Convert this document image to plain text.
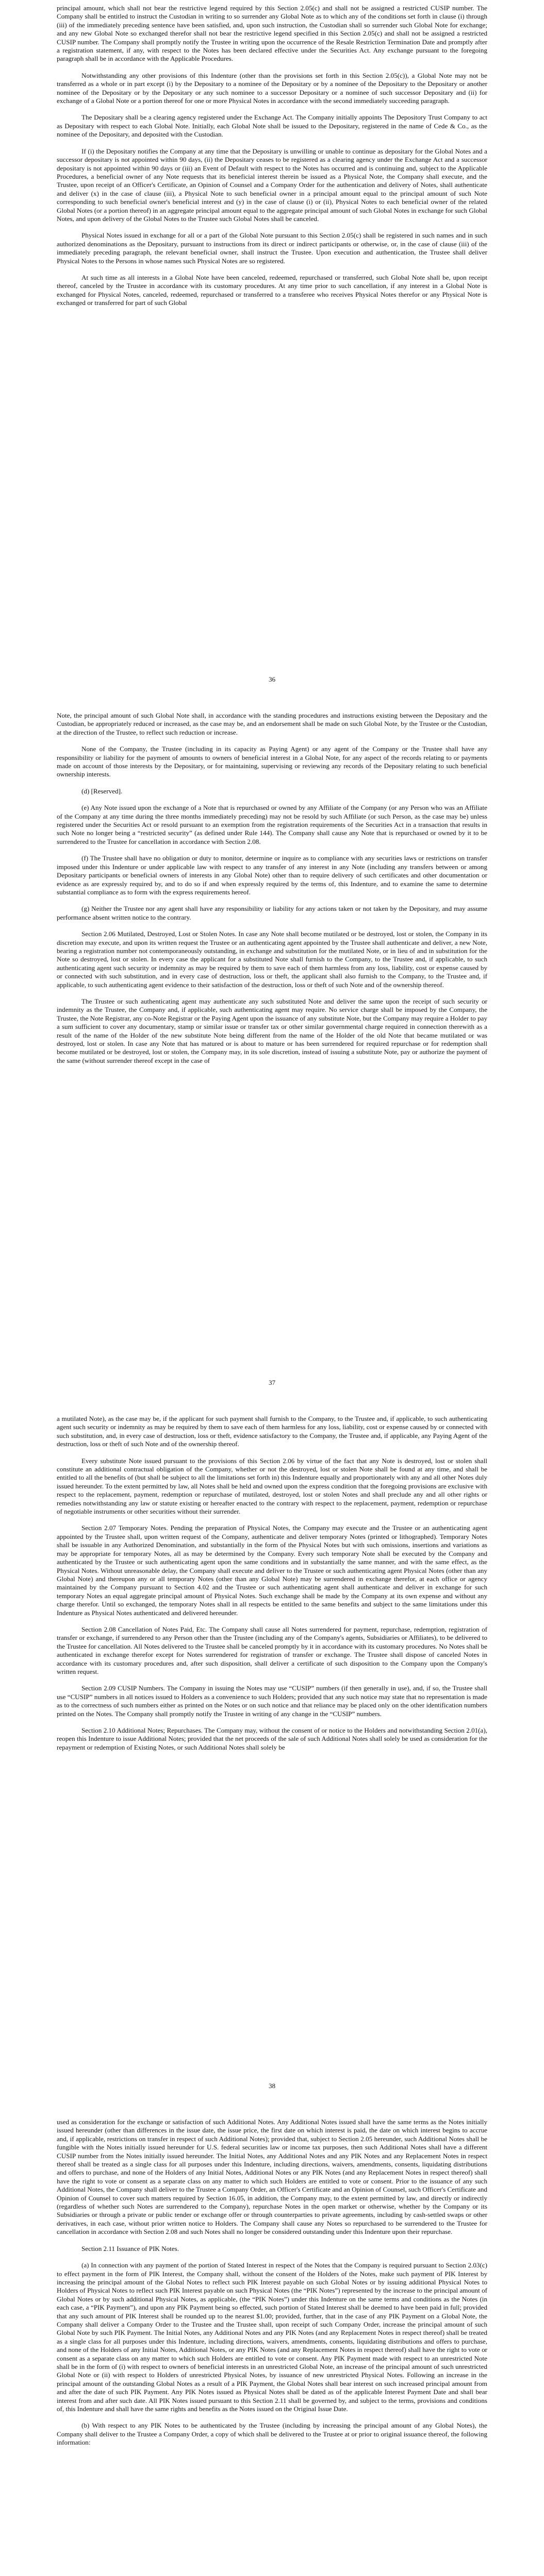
principal amount, which shall not bear the restrictive legend required by this Section 2.05(c) and shall not be assigned a restricted CUSIP number. The Company shall be entitled to instruct the Custodian in writing to so surrender any Global Note as to which any of the conditions set forth in clause (i) through (iii) of the immediately preceding sentence have been satisfied, and, upon such instruction, the Custodian shall so surrender such Global Note for exchange; and any new Global Note so exchanged therefor shall not bear the restrictive legend specified in this Section 2.05(c) and shall not be assigned a restricted CUSIP number. The Company shall promptly notify the Trustee in writing upon the occurrence of the Resale Restriction Termination Date and promptly after a registration statement, if any, with respect to the Notes has been declared effective under the Securities Act. Any exchange pursuant to the foregoing paragraph shall be in accordance with the Applicable Procedures.

Notwithstanding any other provisions of this Indenture (other than the provisions set forth in this Section 2.05(c)), a Global Note may not be transferred as a whole or in part except (i) by the Depositary to a nominee of the Depositary or by a nominee of the Depositary to the Depositary or another nominee of the Depositary or by the Depositary or any such nominee to a successor Depositary or a nominee of such successor Depositary and (ii) for exchange of a Global Note or a portion thereof for one or more Physical Notes in accordance with the second immediately succeeding paragraph.

The Depositary shall be a clearing agency registered under the Exchange Act. The Company initially appoints The Depository Trust Company to act as Depositary with respect to each Global Note. Initially, each Global Note shall be issued to the Depositary, registered in the name of Cede & Co., as the nominee of the Depositary, and deposited with the Custodian.

If (i) the Depositary notifies the Company at any time that the Depositary is unwilling or unable to continue as depositary for the Global Notes and a successor depositary is not appointed within 90 days, (ii) the Depositary ceases to be registered as a clearing agency under the Exchange Act and a successor depositary is not appointed within 90 days or (iii) an Event of Default with respect to the Notes has occurred and is continuing and, subject to the Applicable Procedures, a beneficial owner of any Note requests that its beneficial interest therein be issued as a Physical Note, the Company shall execute, and the Trustee, upon receipt of an Officer's Certificate, an Opinion of Counsel and a Company Order for the authentication and delivery of Notes, shall authenticate and deliver (x) in the case of clause (iii), a Physical Note to such beneficial owner in a principal amount equal to the principal amount of such Note corresponding to such beneficial owner's beneficial interest and (y) in the case of clause (i) or (ii), Physical Notes to each beneficial owner of the related Global Notes (or a portion thereof) in an aggregate principal amount equal to the aggregate principal amount of such Global Notes in exchange for such Global Notes, and upon delivery of the Global Notes to the Trustee such Global Notes shall be canceled.

Physical Notes issued in exchange for all or a part of the Global Note pursuant to this Section 2.05(c) shall be registered in such names and in such authorized denominations as the Depositary, pursuant to instructions from its direct or indirect participants or otherwise, or, in the case of clause (iii) of the immediately preceding paragraph, the relevant beneficial owner, shall instruct the Trustee. Upon execution and authentication, the Trustee shall deliver Physical Notes to the Persons in whose names such Physical Notes are so registered.

At such time as all interests in a Global Note have been canceled, redeemed, repurchased or transferred, such Global Note shall be, upon receipt thereof, canceled by the Trustee in accordance with its customary procedures. At any time prior to such cancellation, if any interest in a Global Note is exchanged for Physical Notes, canceled, redeemed, repurchased or transferred to a transferee who receives Physical Notes therefor or any Physical Note is exchanged or transferred for part of such Global

36

Note, the principal amount of such Global Note shall, in accordance with the standing procedures and instructions existing between the Depositary and the Custodian, be appropriately reduced or increased, as the case may be, and an endorsement shall be made on such Global Note, by the Trustee or the Custodian, at the direction of the Trustee, to reflect such reduction or increase.

None of the Company, the Trustee (including in its capacity as Paying Agent) or any agent of the Company or the Trustee shall have any responsibility or liability for the payment of amounts to owners of beneficial interest in a Global Note, for any aspect of the records relating to or payments made on account of those interests by the Depositary, or for maintaining, supervising or reviewing any records of the Depositary relating to such beneficial ownership interests.

(d) [Reserved].

(e) Any Note issued upon the exchange of a Note that is repurchased or owned by any Affiliate of the Company (or any Person who was an Affiliate of the Company at any time during the three months immediately preceding) may not be resold by such Affiliate (or such Person, as the case may be) unless registered under the Securities Act or resold pursuant to an exemption from the registration requirements of the Securities Act in a transaction that results in such Note no longer being a “restricted security” (as defined under Rule 144). The Company shall cause any Note that is repurchased or owned by it to be surrendered to the Trustee for cancellation in accordance with Section 2.08.

(f) The Trustee shall have no obligation or duty to monitor, determine or inquire as to compliance with any securities laws or restrictions on transfer imposed under this Indenture or under applicable law with respect to any transfer of any interest in any Note (including any transfers between or among Depositary participants or beneficial owners of interests in any Global Note) other than to require delivery of such certificates and other documentation or evidence as are expressly required by, and to do so if and when expressly required by the terms of, this Indenture, and to examine the same to determine substantial compliance as to form with the express requirements hereof.

(g) Neither the Trustee nor any agent shall have any responsibility or liability for any actions taken or not taken by the Depositary, and may assume performance absent written notice to the contrary.

Section 2.06 Mutilated, Destroyed, Lost or Stolen Notes. In case any Note shall become mutilated or be destroyed, lost or stolen, the Company in its discretion may execute, and upon its written request the Trustee or an authenticating agent appointed by the Trustee shall authenticate and deliver, a new Note, bearing a registration number not contemporaneously outstanding, in exchange and substitution for the mutilated Note, or in lieu of and in substitution for the Note so destroyed, lost or stolen. In every case the applicant for a substituted Note shall furnish to the Company, to the Trustee and, if applicable, to such authenticating agent such security or indemnity as may be required by them to save each of them harmless from any loss, liability, cost or expense caused by or connected with such substitution, and in every case of destruction, loss or theft, the applicant shall also furnish to the Company, to the Trustee and, if applicable, to such authenticating agent evidence to their satisfaction of the destruction, loss or theft of such Note and of the ownership thereof.

The Trustee or such authenticating agent may authenticate any such substituted Note and deliver the same upon the receipt of such security or indemnity as the Trustee, the Company and, if applicable, such authenticating agent may require. No service charge shall be imposed by the Company, the Trustee, the Note Registrar, any co-Note Registrar or the Paying Agent upon the issuance of any substitute Note, but the Company may require a Holder to pay a sum sufficient to cover any documentary, stamp or similar issue or transfer tax or other similar governmental charge required in connection therewith as a result of the name of the Holder of the new substitute Note being different from the name of the Holder of the old Note that became mutilated or was destroyed, lost or stolen. In case any Note that has matured or is about to mature or has been surrendered for required repurchase or for redemption shall become mutilated or be destroyed, lost or stolen, the Company may, in its sole discretion, instead of issuing a substitute Note, pay or authorize the payment of the same (without surrender thereof except in the case of

37

a mutilated Note), as the case may be, if the applicant for such payment shall furnish to the Company, to the Trustee and, if applicable, to such authenticating agent such security or indemnity as may be required by them to save each of them harmless for any loss, liability, cost or expense caused by or connected with such substitution, and, in every case of destruction, loss or theft, evidence satisfactory to the Company, the Trustee and, if applicable, any Paying Agent of the destruction, loss or theft of such Note and of the ownership thereof.

Every substitute Note issued pursuant to the provisions of this Section 2.06 by virtue of the fact that any Note is destroyed, lost or stolen shall constitute an additional contractual obligation of the Company, whether or not the destroyed, lost or stolen Note shall be found at any time, and shall be entitled to all the benefits of (but shall be subject to all the limitations set forth in) this Indenture equally and proportionately with any and all other Notes duly issued hereunder. To the extent permitted by law, all Notes shall be held and owned upon the express condition that the foregoing provisions are exclusive with respect to the replacement, payment, redemption or repurchase of mutilated, destroyed, lost or stolen Notes and shall preclude any and all other rights or remedies notwithstanding any law or statute existing or hereafter enacted to the contrary with respect to the replacement, payment, redemption or repurchase of negotiable instruments or other securities without their surrender.

Section 2.07 Temporary Notes. Pending the preparation of Physical Notes, the Company may execute and the Trustee or an authenticating agent appointed by the Trustee shall, upon written request of the Company, authenticate and deliver temporary Notes (printed or lithographed). Temporary Notes shall be issuable in any Authorized Denomination, and substantially in the form of the Physical Notes but with such omissions, insertions and variations as may be appropriate for temporary Notes, all as may be determined by the Company. Every such temporary Note shall be executed by the Company and authenticated by the Trustee or such authenticating agent upon the same conditions and in substantially the same manner, and with the same effect, as the Physical Notes. Without unreasonable delay, the Company shall execute and deliver to the Trustee or such authenticating agent Physical Notes (other than any Global Note) and thereupon any or all temporary Notes (other than any Global Note) may be surrendered in exchange therefor, at each office or agency maintained by the Company pursuant to Section 4.02 and the Trustee or such authenticating agent shall authenticate and deliver in exchange for such temporary Notes an equal aggregate principal amount of Physical Notes. Such exchange shall be made by the Company at its own expense and without any charge therefor. Until so exchanged, the temporary Notes shall in all respects be entitled to the same benefits and subject to the same limitations under this Indenture as Physical Notes authenticated and delivered hereunder.

Section 2.08 Cancellation of Notes Paid, Etc. The Company shall cause all Notes surrendered for payment, repurchase, redemption, registration of transfer or exchange, if surrendered to any Person other than the Trustee (including any of the Company's agents, Subsidiaries or Affiliates), to be delivered to the Trustee for cancellation. All Notes delivered to the Trustee shall be canceled promptly by it in accordance with its customary procedures. No Notes shall be authenticated in exchange therefor except for Notes surrendered for registration of transfer or exchange. The Trustee shall dispose of canceled Notes in accordance with its customary procedures and, after such disposition, shall deliver a certificate of such disposition to the Company upon the Company's written request.

Section 2.09 CUSIP Numbers. The Company in issuing the Notes may use “CUSIP” numbers (if then generally in use), and, if so, the Trustee shall use “CUSIP” numbers in all notices issued to Holders as a convenience to such Holders; provided that any such notice may state that no representation is made as to the correctness of such numbers either as printed on the Notes or on such notice and that reliance may be placed only on the other identification numbers printed on the Notes. The Company shall promptly notify the Trustee in writing of any change in the “CUSIP” numbers.

Section 2.10 Additional Notes; Repurchases. The Company may, without the consent of or notice to the Holders and notwithstanding Section 2.01(a), reopen this Indenture to issue Additional Notes; provided that the net proceeds of the sale of such Additional Notes shall solely be used as consideration for the repayment or redemption of Existing Notes, or such Additional Notes shall solely be

38

used as consideration for the exchange or satisfaction of such Additional Notes. Any Additional Notes issued shall have the same terms as the Notes initially issued hereunder (other than differences in the issue date, the issue price, the first date on which interest is paid, the date on which interest begins to accrue and, if applicable, restrictions on transfer in respect of such Additional Notes); provided that, subject to Section 2.05 hereunder, such Additional Notes shall be fungible with the Notes initially issued hereunder for U.S. federal securities law or income tax purposes, then such Additional Notes shall have a different CUSIP number from the Notes initially issued hereunder. The Initial Notes, any Additional Notes and any PIK Notes and any Replacement Notes in respect thereof shall be treated as a single class for all purposes under this Indenture, including directions, waivers, amendments, consents, liquidating distributions and offers to purchase, and none of the Holders of any Initial Notes, Additional Notes or any PIK Notes (and any Replacement Notes in respect thereof) shall have the right to vote or consent as a separate class on any matter to which such Holders are entitled to vote or consent. Prior to the issuance of any such Additional Notes, the Company shall deliver to the Trustee a Company Order, an Officer's Certificate and an Opinion of Counsel, such Officer's Certificate and Opinion of Counsel to cover such matters required by Section 16.05, in addition, the Company may, to the extent permitted by law, and directly or indirectly (regardless of whether such Notes are surrendered to the Company), repurchase Notes in the open market or otherwise, whether by the Company or its Subsidiaries or through a private or public tender or exchange offer or through counterparties to private agreements, including by cash-settled swaps or other derivatives, in each case, without prior written notice to Holders. The Company shall cause any Notes so repurchased to be surrendered to the Trustee for cancellation in accordance with Section 2.08 and such Notes shall no longer be considered outstanding under this Indenture upon their repurchase.

Section 2.11 Issuance of PIK Notes.

(a) In connection with any payment of the portion of Stated Interest in respect of the Notes that the Company is required pursuant to Section 2.03(c) to effect payment in the form of PIK Interest, the Company shall, without the consent of the Holders of the Notes, make such payment of PIK Interest by increasing the principal amount of the Global Notes to reflect such PIK Interest payable on such Global Notes or by issuing additional Physical Notes to Holders of Physical Notes to reflect such PIK Interest payable on such Physical Notes (the “PIK Notes”) represented by the increase to the principal amount of Global Notes or by such additional Physical Notes, as applicable, (the “PIK Notes”) under this Indenture on the same terms and conditions as the Notes (in each case, a “PIK Payment”), and upon any PIK Payment being so effected, such portion of Stated Interest shall be deemed to have been paid in full; provided that any such amount of PIK Interest shall be rounded up to the nearest $1.00; provided, further, that in the case of any PIK Payment on a Global Note, the Company shall deliver a Company Order to the Trustee and the Trustee shall, upon receipt of such Company Order, increase the principal amount of such Global Note by such PIK Payment. The Initial Notes, any Additional Notes and any PIK Notes (and any Replacement Notes in respect thereof) shall be treated as a single class for all purposes under this Indenture, including directions, waivers, amendments, consents, liquidating distributions and offers to purchase, and none of the Holders of any Initial Notes, Additional Notes, or any PIK Notes (and any Replacement Notes in respect thereof) shall have the right to vote or consent as a separate class on any matter to which such Holders are entitled to vote or consent. Any PIK Payment made with respect to an unrestricted Note shall be in the form of (i) with respect to owners of beneficial interests in an unrestricted Global Note, an increase of the principal amount of such unrestricted Global Note or (ii) with respect to Holders of unrestricted Physical Notes, by issuance of new unrestricted Physical Notes. Following an increase in the principal amount of the outstanding Global Notes as a result of a PIK Payment, the Global Notes shall bear interest on such increased principal amount from and after the date of such PIK Payment. Any PIK Notes issued as Physical Notes shall be dated as of the applicable Interest Payment Date and shall bear interest from and after such date. All PIK Notes issued pursuant to this Section 2.11 shall be governed by, and subject to the terms, provisions and conditions of, this Indenture and shall have the same rights and benefits as the Notes issued on the Original Issue Date.

(b) With respect to any PIK Notes to be authenticated by the Trustee (including by increasing the principal amount of any Global Notes), the Company shall deliver to the Trustee a Company Order, a copy of which shall be delivered to the Trustee at or prior to original issuance thereof, the following information:
